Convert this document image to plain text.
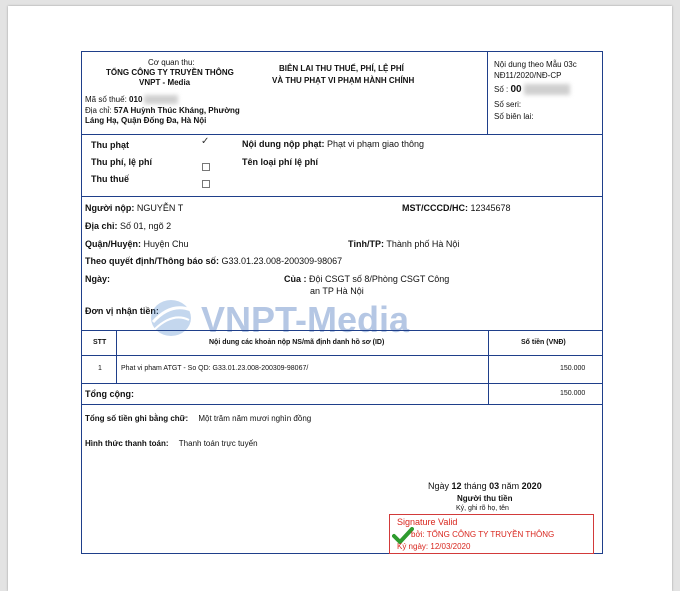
Cơ quan thu:
TỔNG CÔNG TY TRUYỀN THÔNG
VNPT - Media
Mã số thuế: 010
Địa chỉ: 57A Huỳnh Thúc Kháng, Phường
Láng Hạ, Quận Đống Đa, Hà Nội
BIÊN LAI THU THUẾ, PHÍ, LỆ PHÍ
VÀ THU PHẠT VI PHẠM HÀNH CHÍNH
Nội dung theo Mẫu 03c
NĐ11/2020/NĐ-CP
Số : 00
Số seri:
Số biên lai:
Thu phạt	✓
Thu phí, lệ phí
Thu thuế
Nội dung nộp phạt: Phạt vi phạm giao thông
Tên loại phí lệ phí
Người nộp: NGUYỄN T	MST/CCCD/HC: 12345678
Địa chỉ: Số 01, ngõ 2
Quận/Huyện: Huyện Chu	Tỉnh/TP: Thành phố Hà Nội
Theo quyết định/Thông báo số: G33.01.23.008-200309-98067
Ngày:	Của : Đội CSGT số 8/Phòng CSGT Công
an TP Hà Nội
Đơn vị nhận tiền: VNPT-Media
STT	Nội dung các khoản nộp NS/mã định danh hồ sơ (ID)	Số tiền (VNĐ)
1	Phat vi pham ATGT - So QD: G33.01.23.008-200309-98067/	150.000
Tổng cộng:	150.000
Tổng số tiền ghi bằng chữ: Một trăm năm mươi nghìn đồng
Hình thức thanh toán: Thanh toán trực tuyến
Ngày 12 tháng 03 năm 2020
Người thu tiền
Ký, ghi rõ họ, tên
Signature Valid
bởi: TỔNG CÔNG TY TRUYỀN THÔNG
Ký ngày: 12/03/2020
